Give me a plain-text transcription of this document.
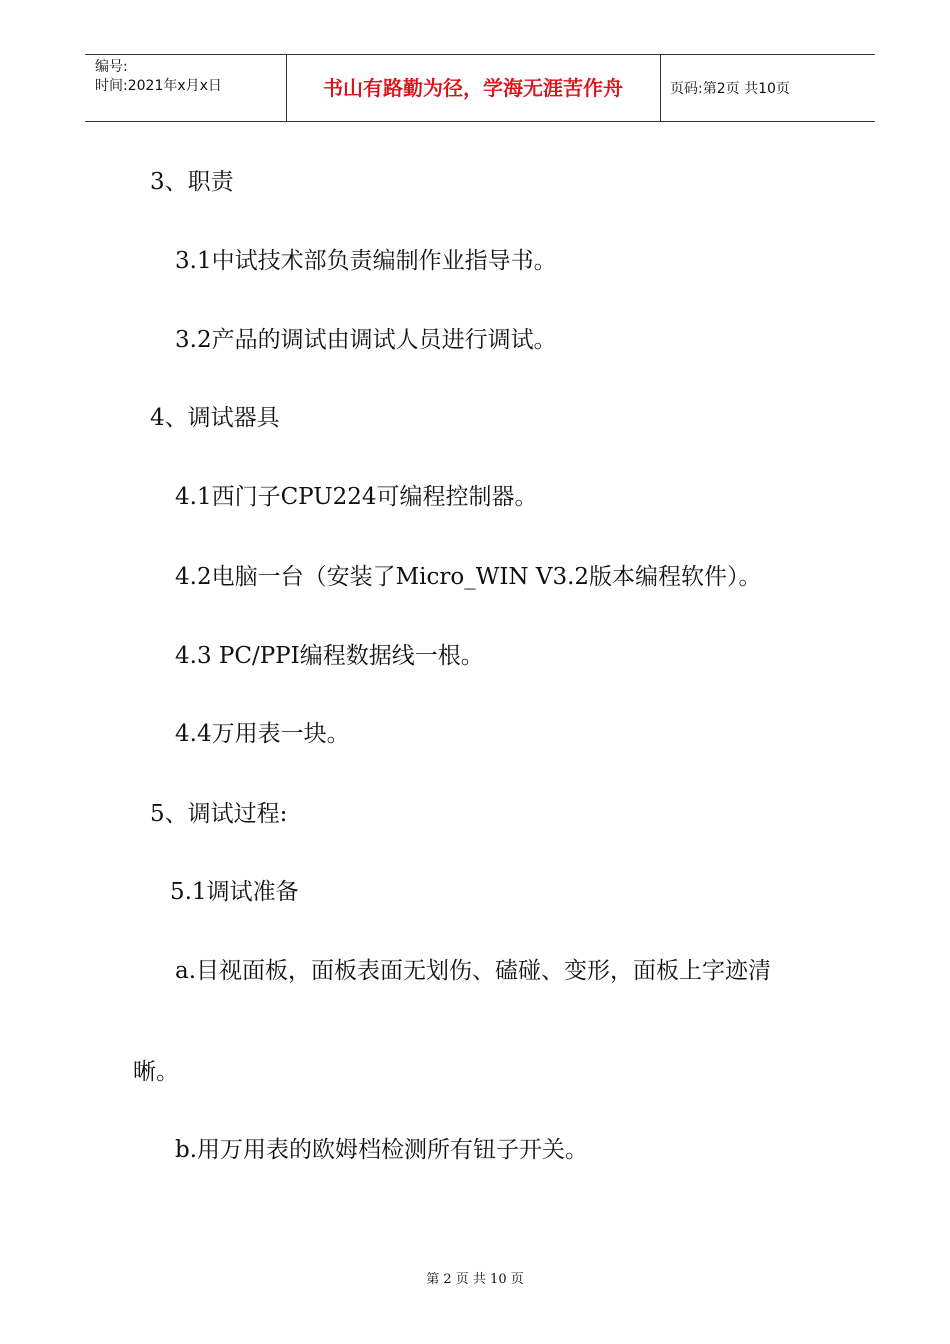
编号:
时间:2021年x月x日	书山有路勤为径，学海无涯苦作舟	页码:第2页 共10页
3、职责
3.1中试技术部负责编制作业指导书。
3.2产品的调试由调试人员进行调试。
4、调试器具
4.1西门子CPU224可编程控制器。
4.2电脑一台（安装了Micro_WIN V3.2版本编程软件）。
4.3 PC/PPI编程数据线一根。
4.4万用表一块。
5、调试过程:
5.1调试准备
a.目视面板，面板表面无划伤、磕碰、变形，面板上字迹清
晰。
b.用万用表的欧姆档检测所有钮子开关。
第 2 页 共 10 页
